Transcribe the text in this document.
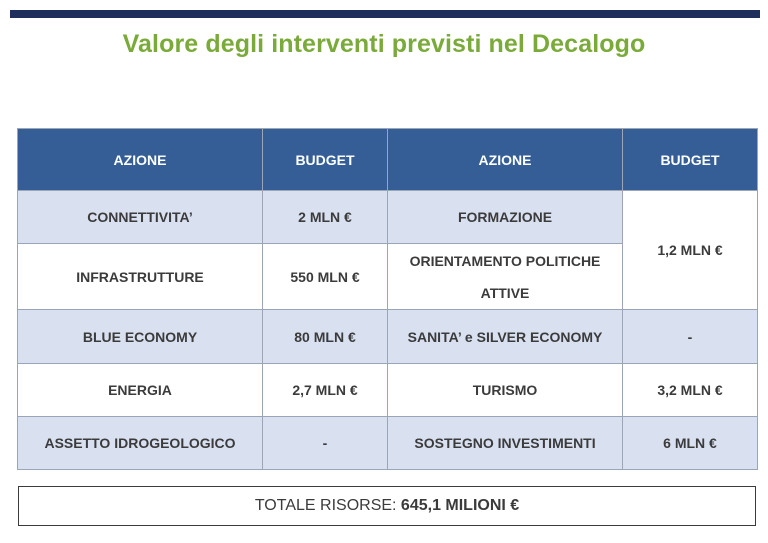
Valore degli interventi previsti nel Decalogo
AZIONE	BUDGET	AZIONE	BUDGET
CONNETTIVITA’	2 MLN €	FORMAZIONE	1,2 MLN €
INFRASTRUTTURE	550 MLN €	ORIENTAMENTO POLITICHE ATTIVE	
BLUE ECONOMY	80 MLN €	SANITA’ e SILVER ECONOMY	-
ENERGIA	2,7 MLN €	TURISMO	3,2 MLN €
ASSETTO IDROGEOLOGICO	-	SOSTEGNO INVESTIMENTI	6 MLN €
TOTALE RISORSE: 645,1 MILIONI €
